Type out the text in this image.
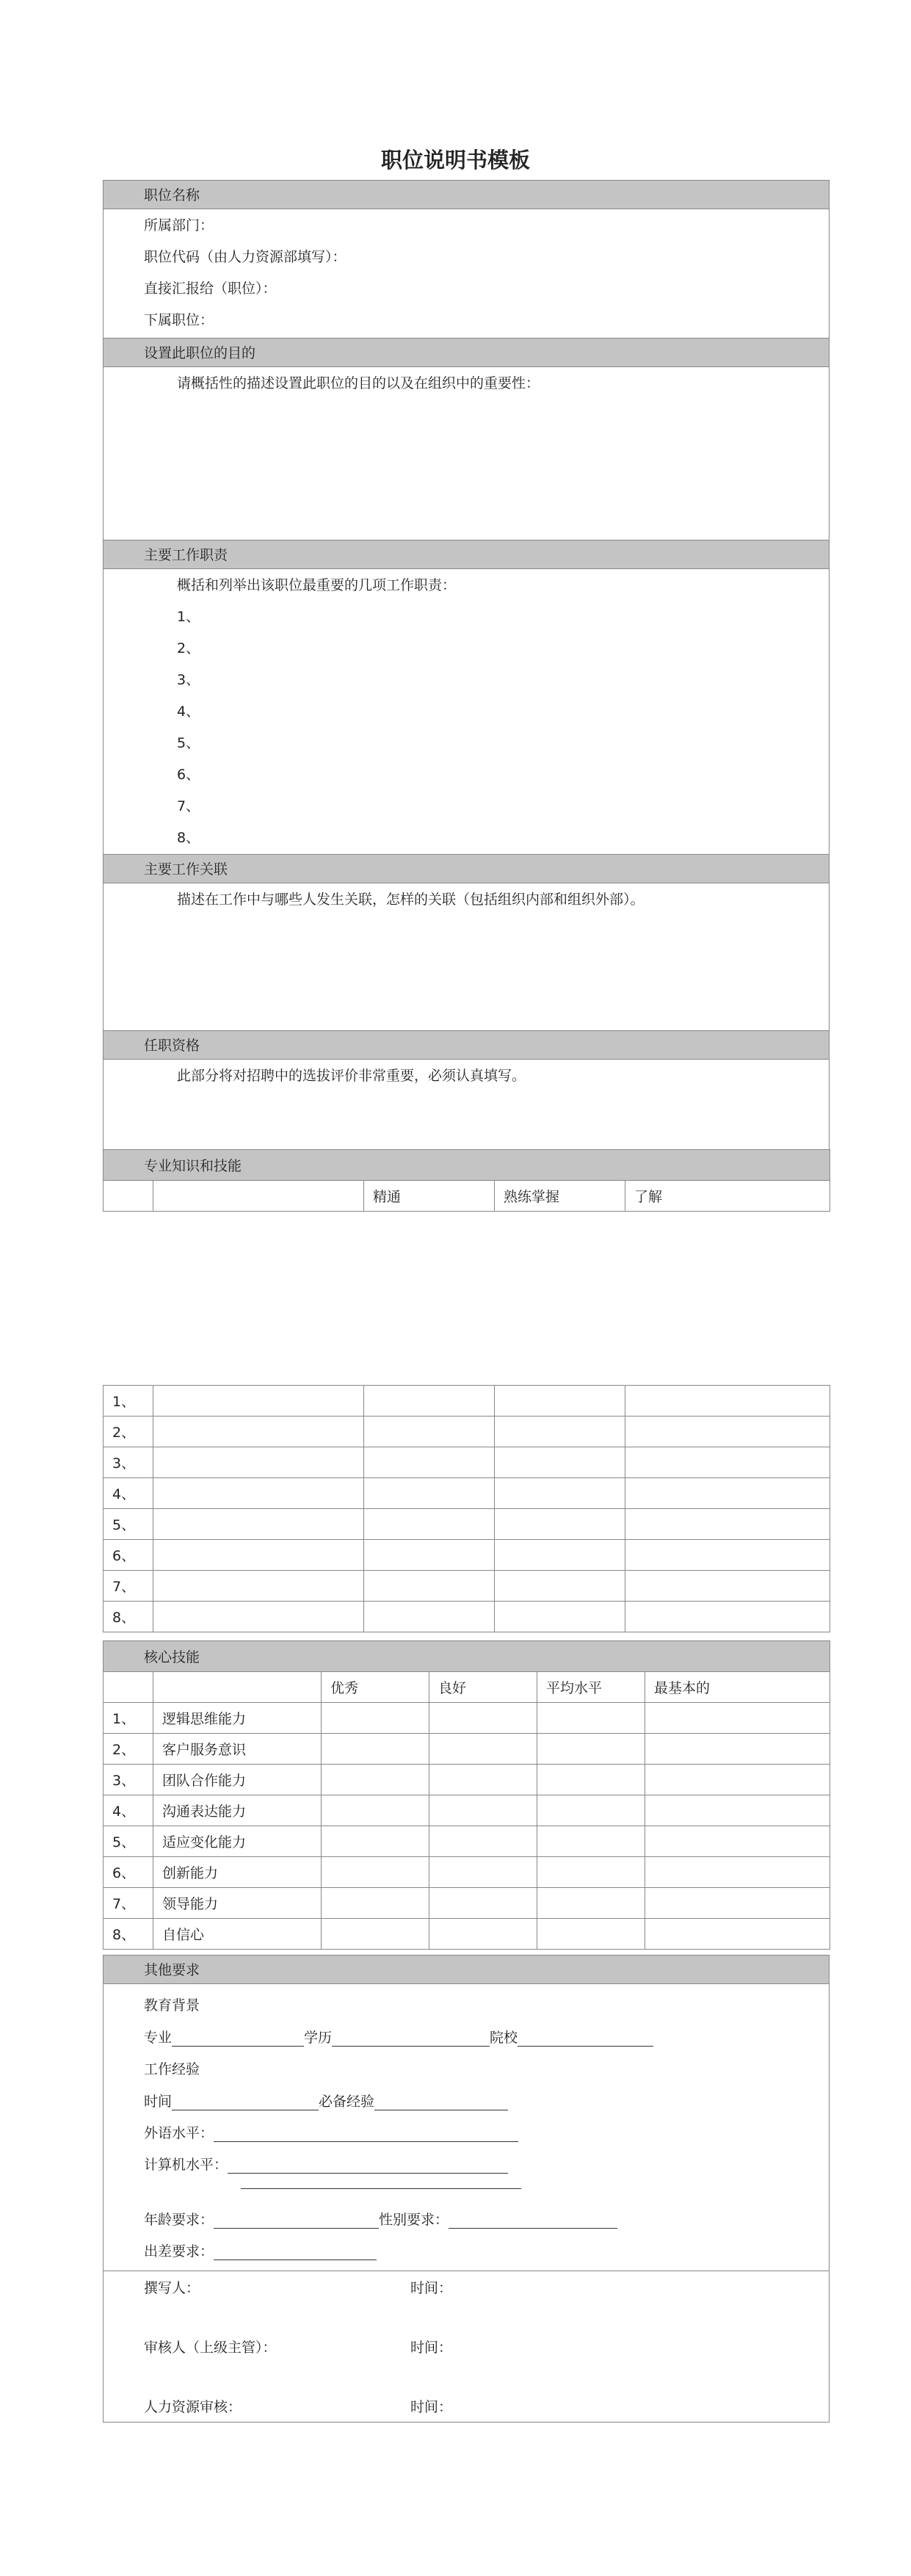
职位说明书模板
职位名称
所属部门：
职位代码（由人力资源部填写）：
直接汇报给（职位）：
下属职位：
设置此职位的目的
请概括性的描述设置此职位的目的以及在组织中的重要性：
主要工作职责
概括和列举出该职位最重要的几项工作职责：
1、
2、
3、
4、
5、
6、
7、
8、
主要工作关联
描述在工作中与哪些人发生关联，怎样的关联（包括组织内部和组织外部）。
任职资格
此部分将对招聘中的选拔评价非常重要，必须认真填写。
专业知识和技能
		精通	熟练掌握	了解
1、				
2、				
3、				
4、				
5、				
6、				
7、				
8、				
核心技能					
		优秀	良好	平均水平	最基本的
1、	逻辑思维能力				
2、	客户服务意识				
3、	团队合作能力				
4、	沟通表达能力				
5、	适应变化能力				
6、	创新能力				
7、	领导能力				
8、	自信心				
其他要求
教育背景
专业	学历	院校
工作经验
时间	必备经验
外语水平：
计算机水平：
年龄要求：	性别要求：
出差要求：
撰写人：	时间：
审核人（上级主管）：	时间：
人力资源审核：	时间：
